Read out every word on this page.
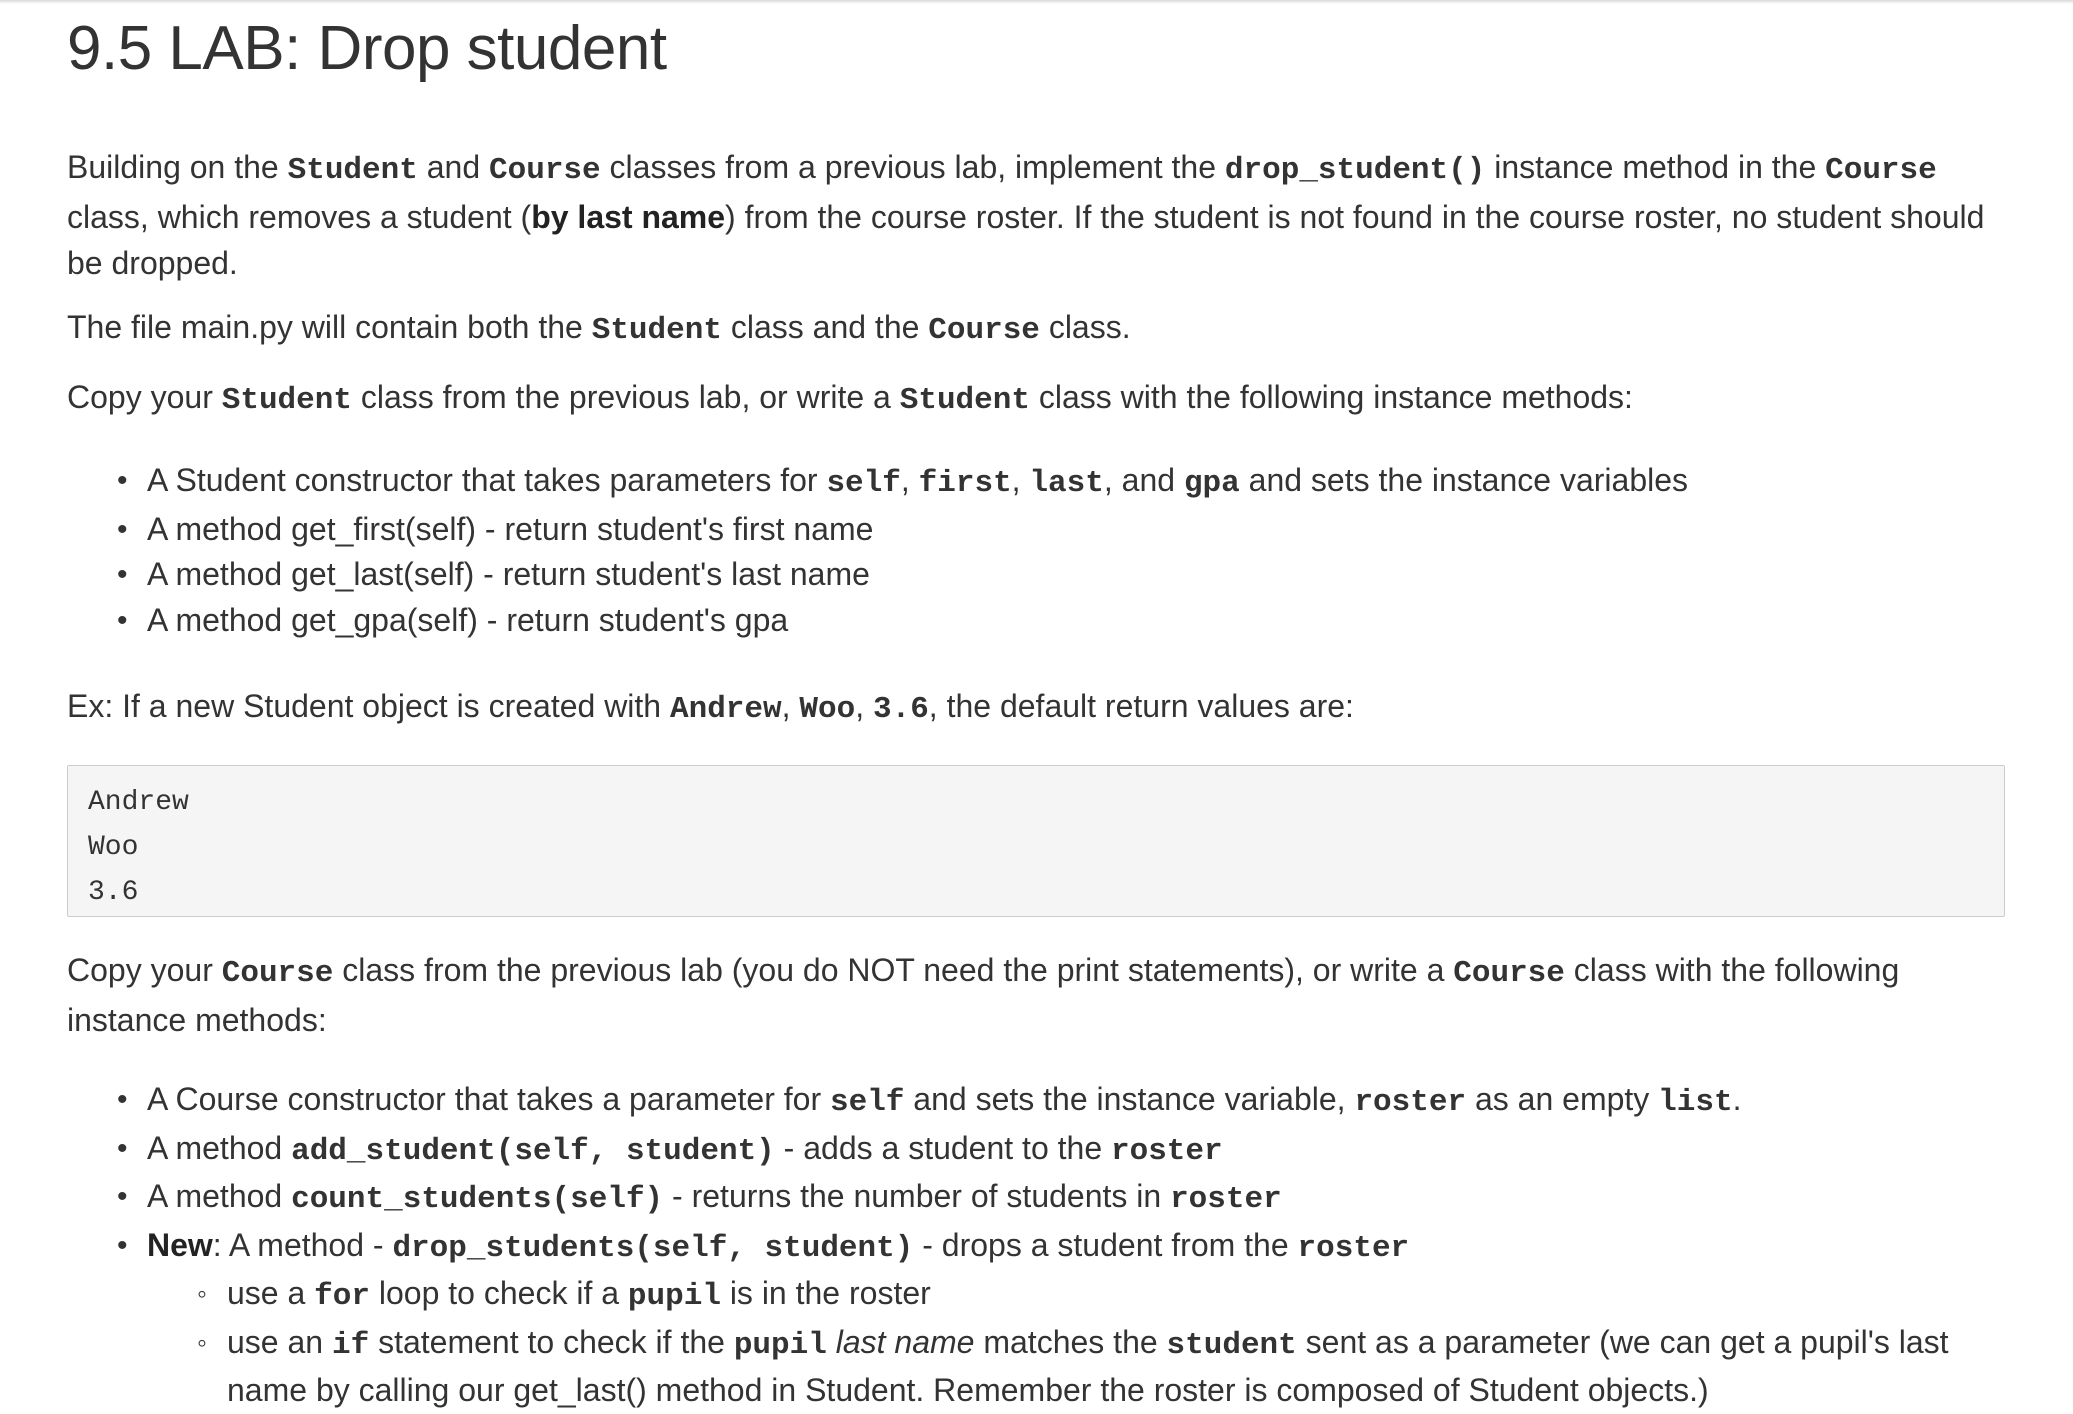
9.5 LAB: Drop student

Building on the Student and Course classes from a previous lab, implement the drop_student() instance method in the Course class, which removes a student (by last name) from the course roster. If the student is not found in the course roster, no student should be dropped.

The file main.py will contain both the Student class and the Course class.

Copy your Student class from the previous lab, or write a Student class with the following instance methods:

• A Student constructor that takes parameters for self, first, last, and gpa and sets the instance variables
• A method get_first(self) - return student's first name
• A method get_last(self) - return student's last name
• A method get_gpa(self) - return student's gpa

Ex: If a new Student object is created with Andrew, Woo, 3.6, the default return values are:

Andrew
Woo
3.6

Copy your Course class from the previous lab (you do NOT need the print statements), or write a Course class with the following instance methods:

• A Course constructor that takes a parameter for self and sets the instance variable, roster as an empty list.
• A method add_student(self, student) - adds a student to the roster
• A method count_students(self) - returns the number of students in roster
• New: A method - drop_students(self, student) - drops a student from the roster
◦ use a for loop to check if a pupil is in the roster
◦ use an if statement to check if the pupil last name matches the student sent as a parameter (we can get a pupil's last name by calling our get_last() method in Student. Remember the roster is composed of Student objects.)
